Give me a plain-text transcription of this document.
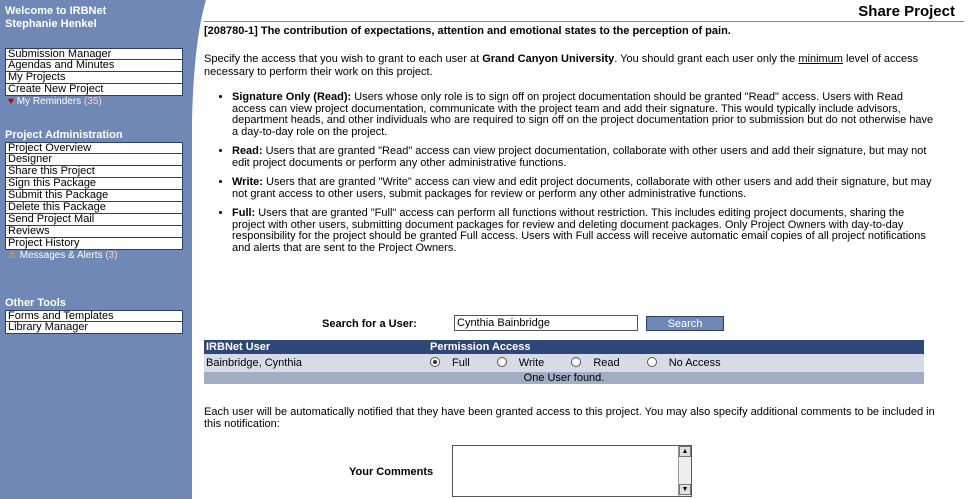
Welcome to IRBNet
Stephanie Henkel
Submission Manager
Agendas and Minutes
My Projects
Create New Project
♥ My Reminders (35)
Project Administration
Project Overview
Designer
Share this Project
Sign this Package
Submit this Package
Delete this Package
Send Project Mail
Reviews
Project History
⚠ Messages & Alerts (3)
Other Tools
Forms and Templates
Library Manager
Share Project
[208780-1] The contribution of expectations, attention and emotional states to the perception of pain.

Specify the access that you wish to grant to each user at Grand Canyon University. You should grant each user only the minimum level of access necessary to perform their work on this project.

• Signature Only (Read): Users whose only role is to sign off on project documentation should be granted "Read" access. Users with Read access can view project documentation, communicate with the project team and add their signature. This would typically include advisors, department heads, and other individuals who are required to sign off on the project documentation prior to submission but do not otherwise have a day-to-day role on the project.
• Read: Users that are granted "Read" access can view project documentation, collaborate with other users and add their signature, but may not edit project documents or perform any other administrative functions.
• Write: Users that are granted "Write" access can view and edit project documents, collaborate with other users and add their signature, but may not grant access to other users, submit packages for review or perform any other administrative functions.
• Full: Users that are granted "Full" access can perform all functions without restriction. This includes editing project documents, sharing the project with other users, submitting document packages for review and deleting document packages. Only Project Owners with day-to-day responsibility for the project should be granted Full access. Users with Full access will receive automatic email copies of all project notifications and alerts that are sent to the Project Owners.
Search for a User:
Cynthia Bainbridge	Search
IRBNet User	Permission Access
Bainbridge, Cynthia	Full Write Read No Access
One User found.	

Each user will be automatically notified that they have been granted access to this project. You may also specify additional comments to be included in this notification:

Your Comments
▲
▼
